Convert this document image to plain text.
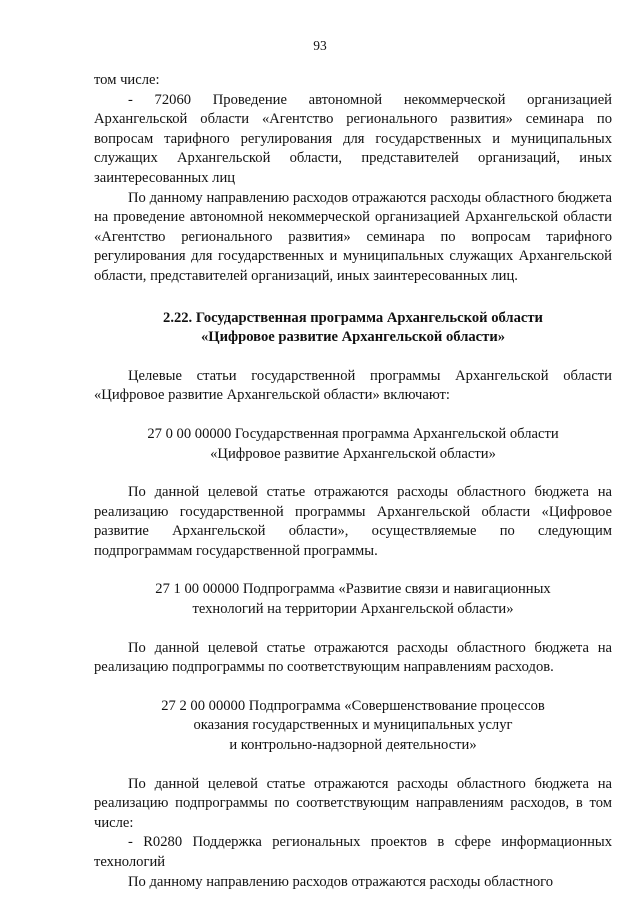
93

том числе:

- 72060 Проведение автономной некоммерческой организацией Архангельской области «Агентство регионального развития» семинара по вопросам тарифного регулирования для государственных и муниципальных служащих Архангельской области, представителей организаций, иных заинтересованных лиц

По данному направлению расходов отражаются расходы областного бюджета на проведение автономной некоммерческой организацией Архангельской области «Агентство регионального развития» семинара по вопросам тарифного регулирования для государственных и муниципальных служащих Архангельской области, представителей организаций, иных заинтересованных лиц.

2.22. Государственная программа Архангельской области

«Цифровое развитие Архангельской области»

Целевые статьи государственной программы Архангельской области «Цифровое развитие Архангельской области» включают:

27 0 00 00000 Государственная программа Архангельской области

«Цифровое развитие Архангельской области»

По данной целевой статье отражаются расходы областного бюджета на реализацию государственной программы Архангельской области «Цифровое развитие Архангельской области», осуществляемые по следующим подпрограммам государственной программы.

27 1 00 00000 Подпрограмма «Развитие связи и навигационных

технологий на территории Архангельской области»

По данной целевой статье отражаются расходы областного бюджета на реализацию подпрограммы по соответствующим направлениям расходов.

27 2 00 00000 Подпрограмма «Совершенствование процессов

оказания государственных и муниципальных услуг

и контрольно-надзорной деятельности»

По данной целевой статье отражаются расходы областного бюджета на реализацию подпрограммы по соответствующим направлениям расходов, в том числе:

- R0280 Поддержка региональных проектов в сфере информационных технологий

По данному направлению расходов отражаются расходы областного
